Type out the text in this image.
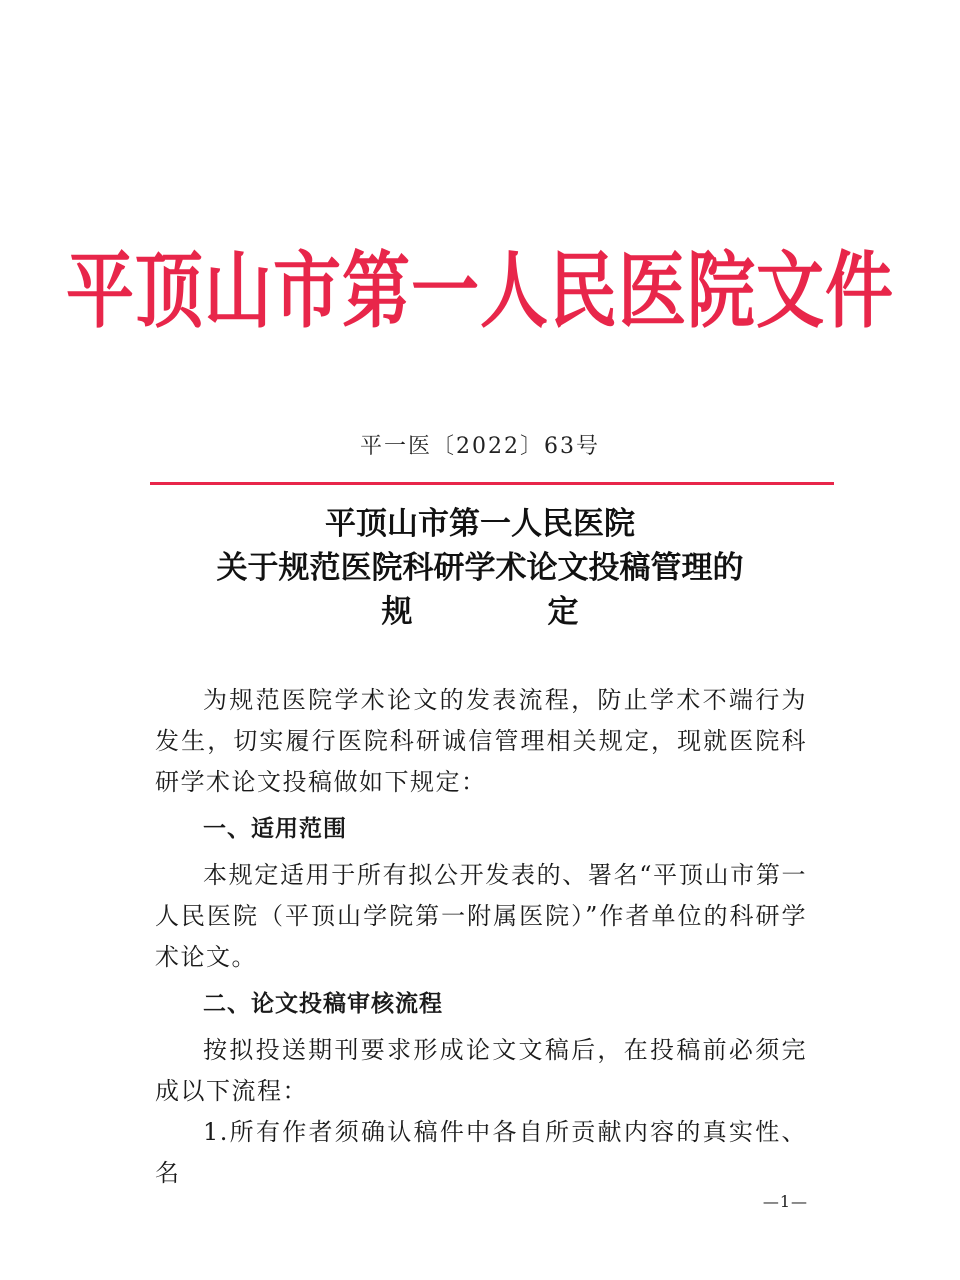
平顶山市第一人民医院文件
平一医〔2022〕63号
平顶山市第一人民医院
关于规范医院科研学术论文投稿管理的
规定

为规范医院学术论文的发表流程，防止学术不端行为发生，切实履行医院科研诚信管理相关规定，现就医院科研学术论文投稿做如下规定：

一、适用范围

本规定适用于所有拟公开发表的、署名“平顶山市第一人民医院（平顶山学院第一附属医院）”作者单位的科研学术论文。

二、论文投稿审核流程

按拟投送期刊要求形成论文文稿后，在投稿前必须完成以下流程：

1.所有作者须确认稿件中各自所贡献内容的真实性、名

—1—
